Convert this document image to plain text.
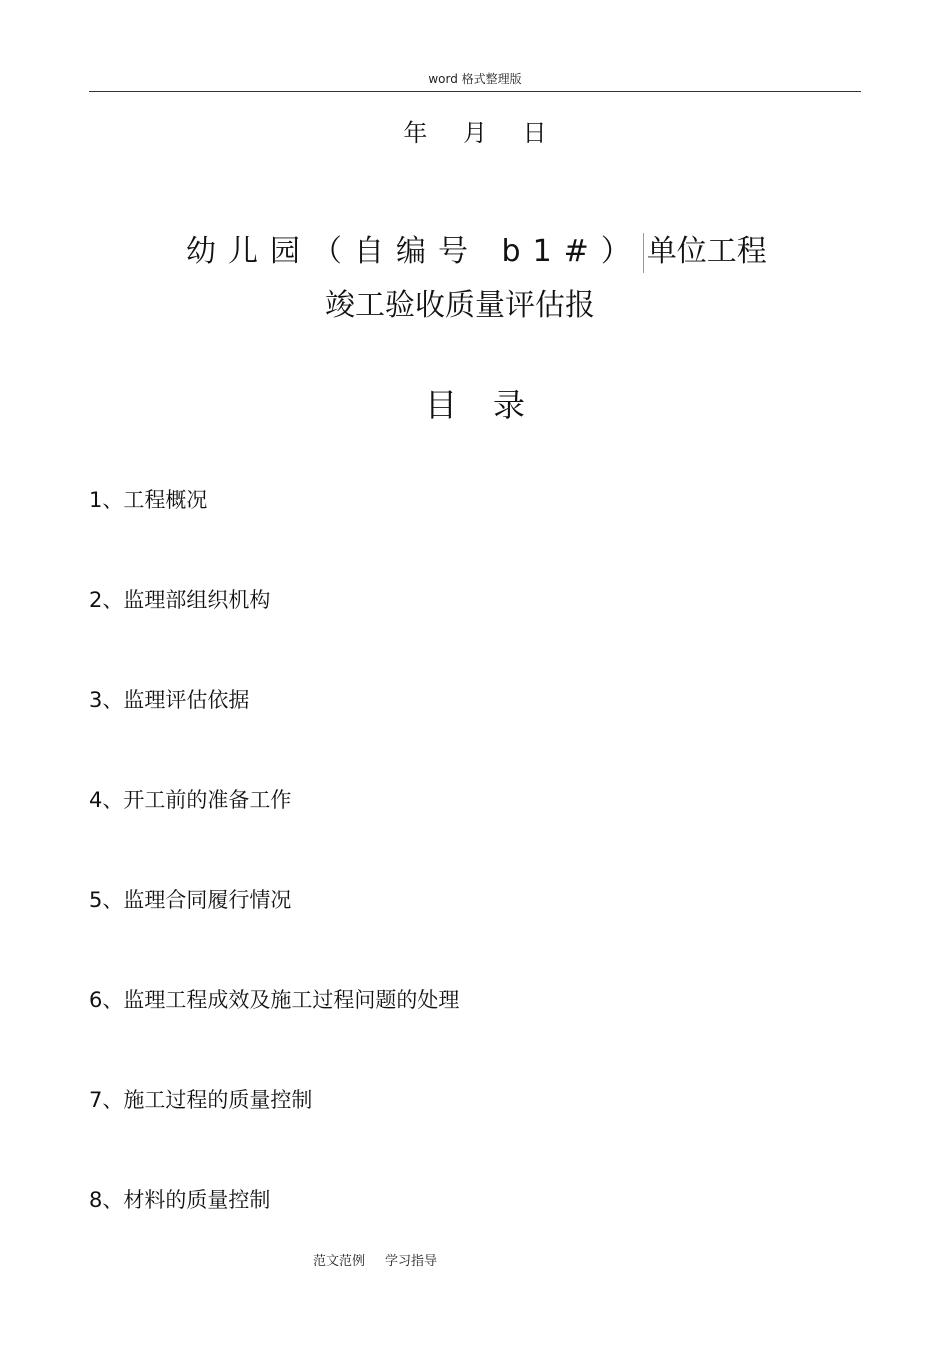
word 格式整理版
年 月 日
幼儿园（自编号 b1#） 单位工程
竣工验收质量评估报
目录
1、工程概况
2、监理部组织机构
3、监理评估依据
4、开工前的准备工作
5、监理合同履行情况
6、监理工程成效及施工过程问题的处理
7、施工过程的质量控制
8、材料的质量控制
范文范例 学习指导
